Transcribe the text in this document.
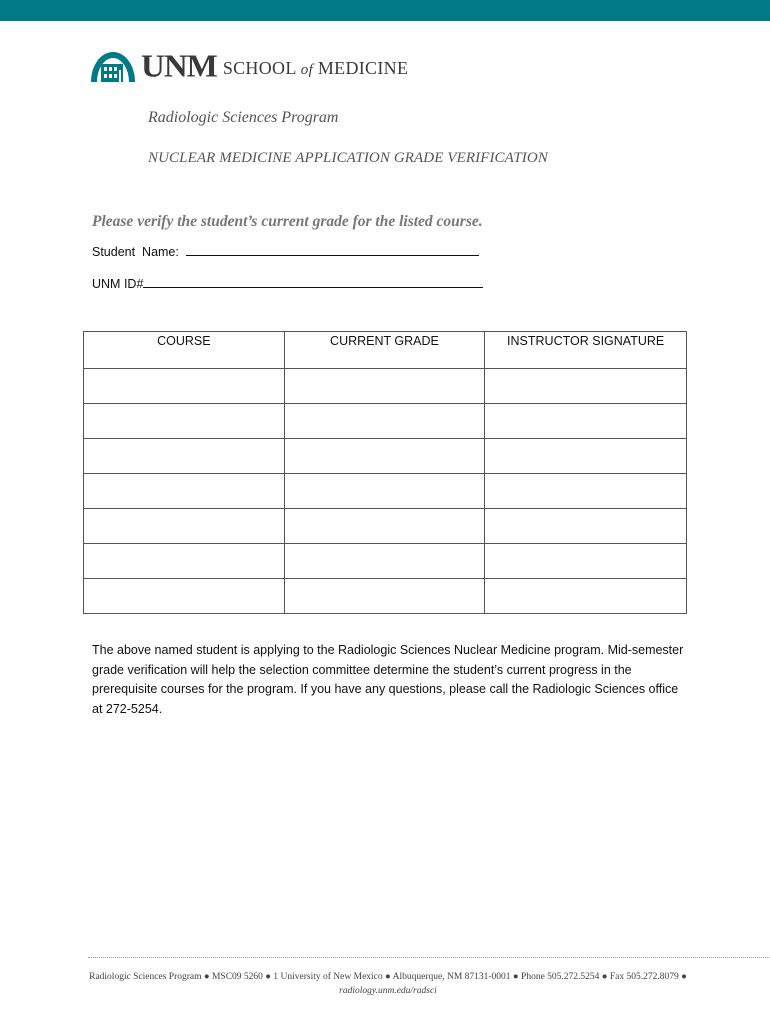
UNM SCHOOL of MEDICINE
Radiologic Sciences Program
NUCLEAR MEDICINE APPLICATION GRADE VERIFICATION
Please verify the student’s current grade for the listed course.
Student  Name:
UNM ID#
COURSE	CURRENT GRADE	INSTRUCTOR SIGNATURE

The above named student is applying to the Radiologic Sciences Nuclear Medicine program. Mid-semester grade verification will help the selection committee determine the student’s current progress in the prerequisite courses for the program. If you have any questions, please call the Radiologic Sciences office at 272-5254.
Radiologic Sciences Program ● MSC09 5260 ● 1 University of New Mexico ● Albuquerque, NM 87131-0001 ● Phone 505.272.5254 ● Fax 505.272.8079 ●
radiology.unm.edu/radsci
